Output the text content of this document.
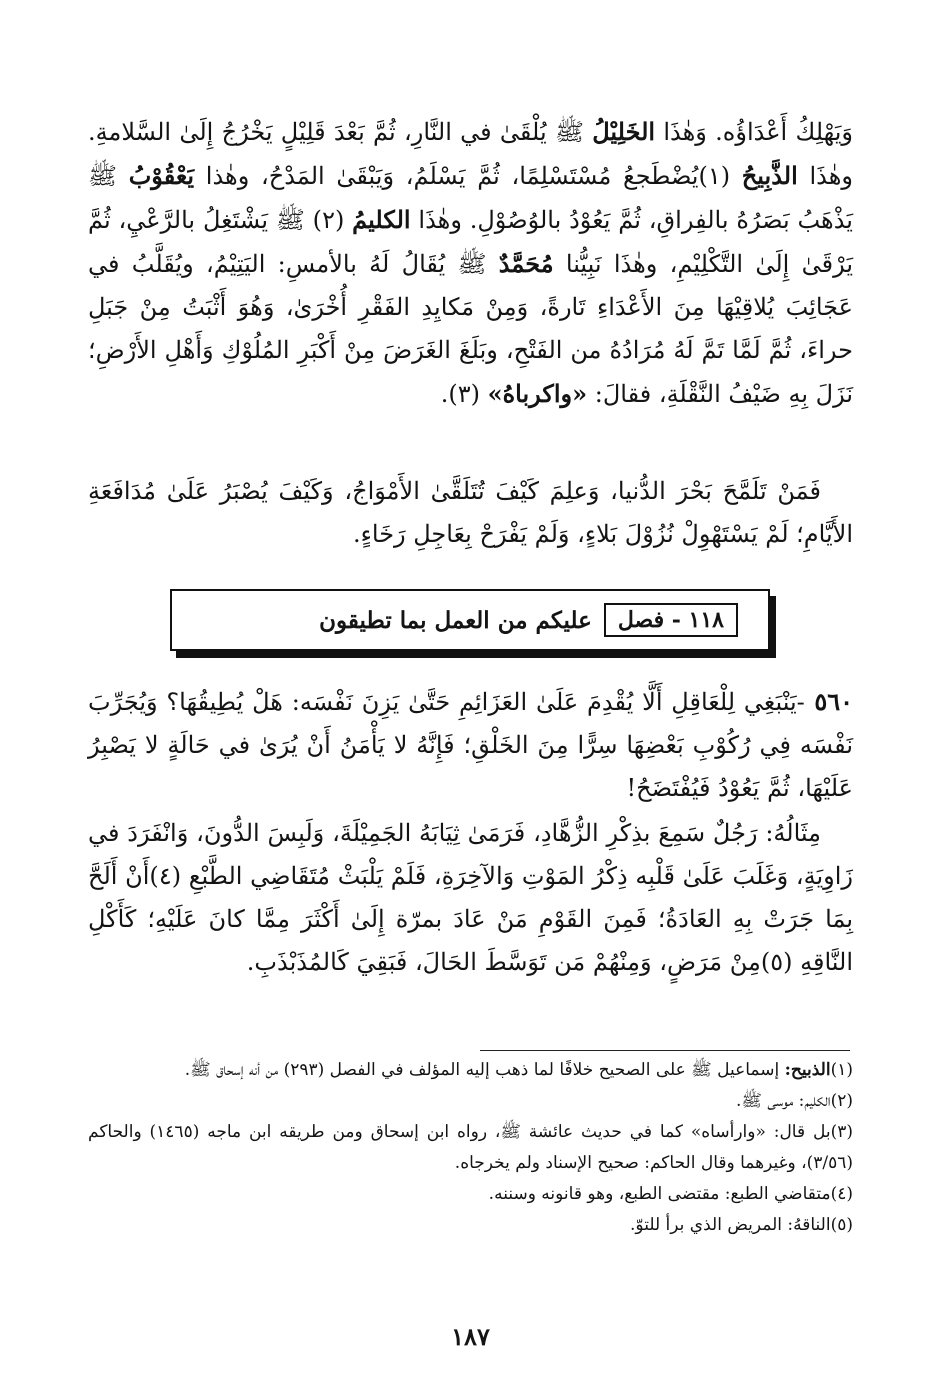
وَيَهْلِكُ أَعْدَاؤُه. وَهٰذَا الخَلِيْلُ ﷺ يُلْقَىٰ في النَّارِ، ثُمَّ بَعْدَ قَلِيْلٍ يَخْرُجُ إِلَىٰ السَّلامةِ. وهٰذَا الذَّبِيحُ (١)يُضْطَجعُ مُسْتَسْلِمًا، ثُمَّ يَسْلَمُ، وَيَبْقَىٰ المَدْحُ، وهٰذا يَعْقُوْبُ ﷺ يَذْهَبُ بَصَرُهُ بالفِراقِ، ثُمَّ يَعُوْدُ بالوُصُوْلِ. وهٰذَا الكليمُ (٢) ﷺ يَشْتَغِلُ بالرَّعْيِ، ثُمَّ يَرْقَىٰ إِلَىٰ التَّكْلِيْمِ، وهٰذَا نَبِيُّنا مُحَمَّدٌ ﷺ يُقَالُ لَهُ بالأمسِ: اليَتِيْمُ، ويُقَلَّبُ في عَجَائِبَ يُلاقِيْهَا مِنَ الأَعْدَاءِ تَارةً، وَمِنْ مَكايِدِ الفَقْرِ أُخْرَىٰ، وَهُوَ أَثْبَتُ مِنْ جَبَلِ حراءَ، ثُمَّ لَمَّا تَمَّ لَهُ مُرَادُهُ من الفَتْحِ، وبَلَغَ الغَرَضَ مِنْ أَكْبَرِ المُلُوْكِ وَأَهْلِ الأَرْضِ؛ نَزَلَ بِهِ ضَيْفُ النَّقْلَةِ، فقالَ: «واكرباهُ» (٣).

فَمَنْ تَلَمَّحَ بَحْرَ الدُّنيا، وَعلِمَ كَيْفَ تُتَلَقَّىٰ الأَمْوَاجُ، وَكَيْفَ يُصْبَرُ عَلَىٰ مُدَافَعَةِ الأَيَّامِ؛ لَمْ يَسْتَهْوِلْ نُزُوْلَ بَلاءٍ، وَلَمْ يَفْرَحْ بِعَاجِلِ رَخَاءٍ.

١١٨ - فصل
عليكم من العمل بما تطيقون

٥٦٠ -يَنْبَغِي لِلْعَاقِلِ أَلَّا يُقْدِمَ عَلَىٰ العَزَائِمِ حَتَّىٰ يَزِنَ نَفْسَه: هَلْ يُطِيقُهَا؟ وَيُجَرِّبَ نَفْسَه فِي رُكُوْبِ بَعْضِهَا سِرًّا مِنَ الخَلْقِ؛ فَإِنَّهُ لا يَأْمَنُ أَنْ يُرَىٰ في حَالَةٍ لا يَصْبِرُ عَلَيْهَا، ثُمَّ يَعُوْدُ فَيُفْتَضَحُ!

مِثَالُهُ: رَجُلٌ سَمِعَ بذِكْرِ الزُّهَّادِ، فَرَمَىٰ ثِيَابَهُ الجَمِيْلَةَ، وَلَبِسَ الدُّونَ، وَانْفَرَدَ في زَاوِيَةٍ، وَغَلَبَ عَلَىٰ قَلْبِه ذِكْرُ المَوْتِ وَالآخِرَةِ، فَلَمْ يَلْبَثْ مُتَقَاضِي الطَّبْعِ (٤)أَنْ أَلَحَّ بِمَا جَرَتْ بِهِ العَادَةُ؛ فَمِنَ القَوْمِ مَنْ عَادَ بمرّة إِلَىٰ أَكْثَرَ مِمَّا كانَ عَلَيْهِ؛ كَأَكْلِ النَّاقِهِ (٥)مِنْ مَرَضٍ، وَمِنْهُمْ مَن تَوَسَّطَ الحَالَ، فَبَقِيَ كَالمُذَبْذَبِ.

(١)الذبيح: إسماعيل ﷺ على الصحيح خلافًا لما ذهب إليه المؤلف في الفصل (٢٩٣) من أنه إسحاق ﷺ.

(٢)الكليم: موسى ﷺ.

(٣)بل قال: «وارأساه» كما في حديث عائشة ﷺ، رواه ابن إسحاق ومن طريقه ابن ماجه (١٤٦٥) والحاكم (٣/٥٦)، وغيرهما وقال الحاكم: صحيح الإسناد ولم يخرجاه.

(٤)متقاضي الطبع: مقتضى الطبع، وهو قانونه وسننه.

(٥)الناقهُ: المريض الذي برأ للتوّ.

١٨٧
